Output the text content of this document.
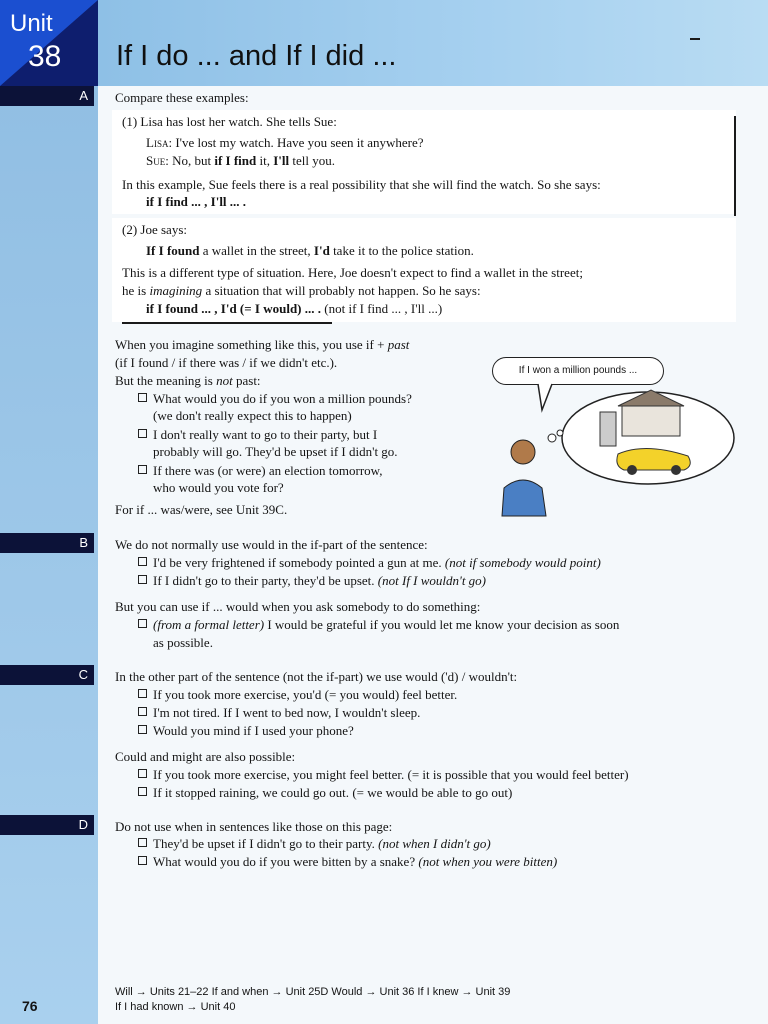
Unit
38 If I do ... and If I did ...
A	Compare these examples:
(1) Lisa has lost her watch. She tells Sue:
Lisa: I've lost my watch. Have you seen it anywhere?
Sue: No, but if I find it, I'll tell you.
In this example, Sue feels there is a real possibility that she will find the watch. So she says:
if I find ... , I'll ... .
(2) Joe says:
If I found a wallet in the street, I'd take it to the police station.
This is a different type of situation. Here, Joe doesn't expect to find a wallet in the street;
he is imagining a situation that will probably not happen. So he says:
if I found ... , I'd (= I would) ... . (not if I find ... , I'll ...)
When you imagine something like this, you use if + past
(if I found / if there was / if we didn't etc.).
But the meaning is not past:
What would you do if you won a million pounds?
(we don't really expect this to happen)
I don't really want to go to their party, but I
probably will go. They'd be upset if I didn't go.
If there was (or were) an election tomorrow,
who would you vote for?
For if ... was/were, see Unit 39C.
If I won a million pounds ...
B	We do not normally use would in the if-part of the sentence:
I'd be very frightened if somebody pointed a gun at me. (not if somebody would point)
If I didn't go to their party, they'd be upset. (not If I wouldn't go)
But you can use if ... would when you ask somebody to do something:
(from a formal letter) I would be grateful if you would let me know your decision as soon
as possible.
C	In the other part of the sentence (not the if-part) we use would ('d) / wouldn't:
If you took more exercise, you'd (= you would) feel better.
I'm not tired. If I went to bed now, I wouldn't sleep.
Would you mind if I used your phone?
Could and might are also possible:
If you took more exercise, you might feel better. (= it is possible that you would feel better)
If it stopped raining, we could go out. (= we would be able to go out)
D	Do not use when in sentences like those on this page:
They'd be upset if I didn't go to their party. (not when I didn't go)
What would you do if you were bitten by a snake? (not when you were bitten)
Will → Units 21–22 If and when → Unit 25D Would → Unit 36 If I knew → Unit 39
If I had known → Unit 40
76
